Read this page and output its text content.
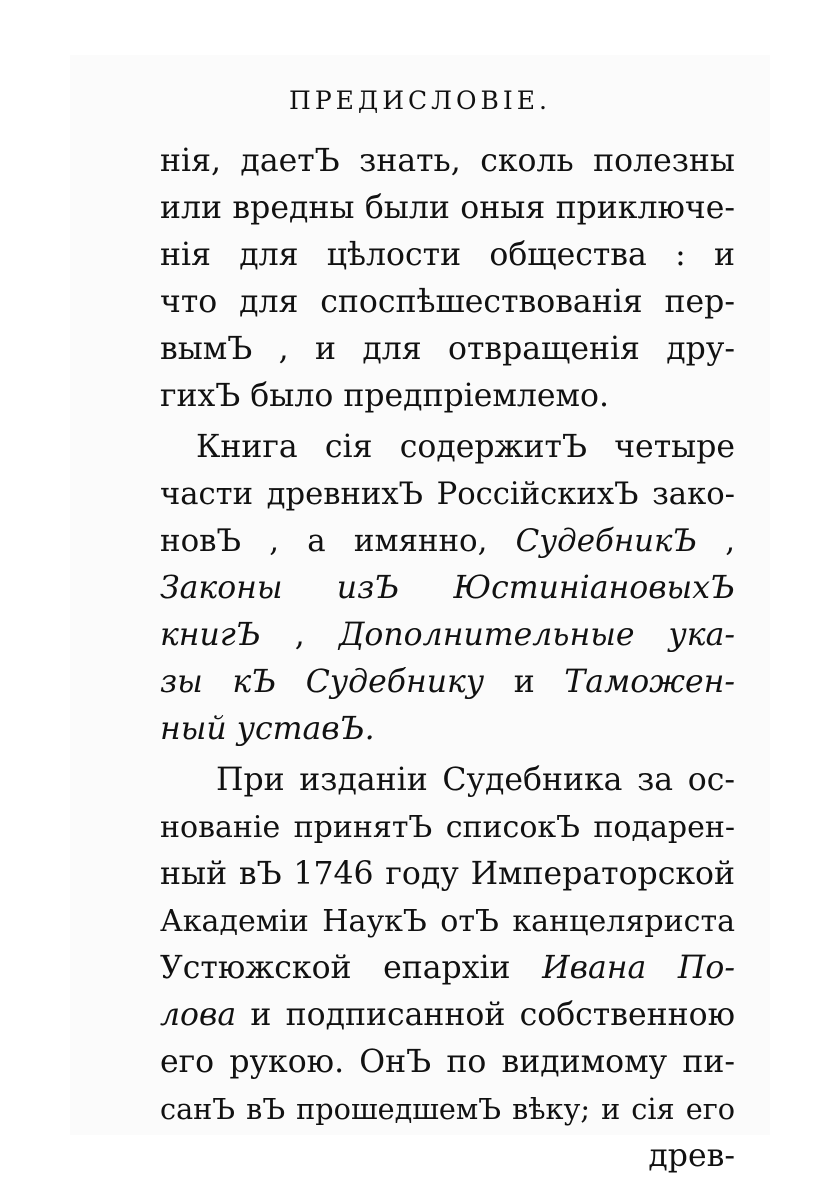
ПРЕДИСЛОВІЕ.
нія, даетЪ знать, сколь полезны
или вредны были оныя приключе-
нія для цѣлости общества : и
что для споспѣшествованія пер-
вымЪ , и для отвращенія дру-
гихЪ было предпріемлемо.
Книга сія содержитЪ четыре
части древнихЪ РоссійскихЪ зако-
новЪ , а имянно, СудебникЪ ,
Законы изЪ ЮстиніановыхЪ
книгЪ , Дополнительные ука-
зы кЪ Судебнику и Таможен-
ный уставЪ.
При изданіи Судебника за ос-
нованіе принятЪ списокЪ подарен-
ный вЪ 1746 году Императорской
Академіи НаукЪ отЪ канцеляриста
Устюжской епархіи Ивана По-
лова и подписанной собственною
его рукою. ОнЪ по видимому пи-
санЪ вЪ прошедшемЪ вѣку; и сія его
древ-
